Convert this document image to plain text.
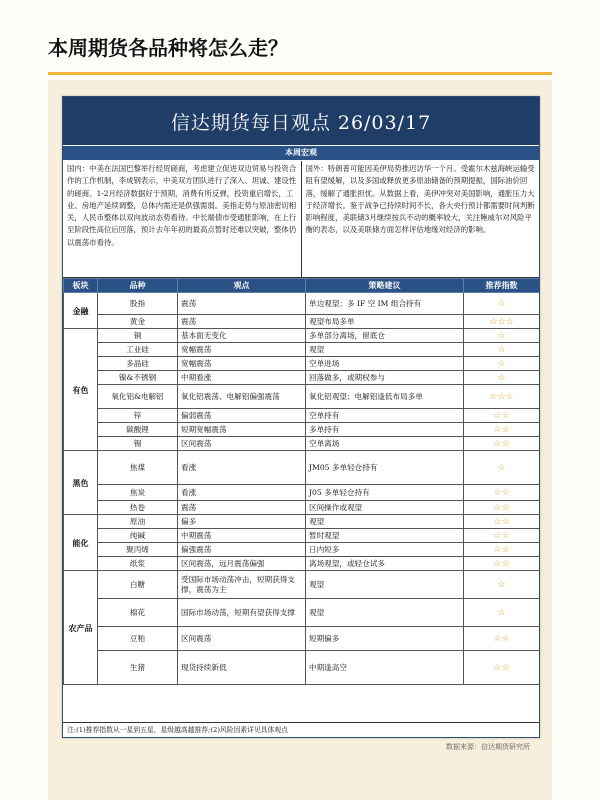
本周期货各品种将怎么走？
信达期货每日观点 26/03/17
本周宏观
国内：中美在法国巴黎举行经贸磋商，考虑建立促进双边贸易与投资合作的工作机制，李成钢表示，中美双方团队进行了深入、坦诚、建设性的磋商。1-2月经济数据好于预期，消费有所反弹，投资重启增长，工业、房地产延续调整，总体内需还是供强需弱。美指走势与原油密切相关，人民币整体以双向波动态势看待。中长端债市受通胀影响，在上行至阶段性高位后回落，预计去年年初的最高点暂时还难以突破，整体仍以震荡市看待。
国外：特朗普可能因美伊局势推迟访华一个月。受霍尔木兹海峡运输受阻有望缓解，以及多国或释放更多原油储备的预期提振，国际油价回落，缓解了通胀担忧。从数据上看，美伊冲突对美国影响，通胀压力大于经济增长。鉴于战争已持续时间不长，各大央行预计都需要时间判断影响程度，美联储3月继续按兵不动的概率较大，关注鲍威尔对风险平衡的表态，以及美联储方面怎样评估地缘对经济的影响。
板块	品种	观点	策略建议	推荐指数
金融	股指	震荡	单边观望；多 IF 空 IM 组合持有	☆
	黄金	震荡	观望布局多单	☆☆☆
有色	铜	基本面无变化	多单部分离场，留底仓	☆
	工业硅	宽幅震荡	观望	☆
	多晶硅	宽幅震荡	空单进场	☆
	镍&不锈钢	中期看涨	回落做多，或期权参与	☆
	氧化铝&电解铝	氧化铝震荡、电解铝偏强震荡	氧化铝观望；电解铝逢低布局多单	☆☆☆
	锌	偏弱震荡	空单持有	☆☆
	碳酸锂	短期宽幅震荡	多单持有	☆☆
	锡	区间震荡	空单离场	☆☆
黑色	焦煤	看涨	JM05 多单轻仓持有	☆
	焦炭	看涨	J05 多单轻仓持有	☆☆
	热卷	震荡	区间操作或观望	☆☆
能化	原油	偏多	观望	☆☆
	纯碱	中期震荡	暂时观望	☆☆
	聚丙烯	偏强震荡	日内短多	☆☆
	纸浆	区间震荡，远月震荡偏强	离场观望，或轻仓试多	☆☆
农产品	白糖	受国际市场动荡冲击，短期获得支撑，震荡为主	观望	☆
	棉花	国际市场动荡，短期有望获得支撑	观望	☆
	豆粕	区间震荡	短期偏多	☆☆
	生猪	现货持续新低	中期逢高空	☆☆
注:(1)推荐指数从一星到五星，星级越高越推荐;(2)风险因素详见具体观点
数据来源：信达期货研究所
